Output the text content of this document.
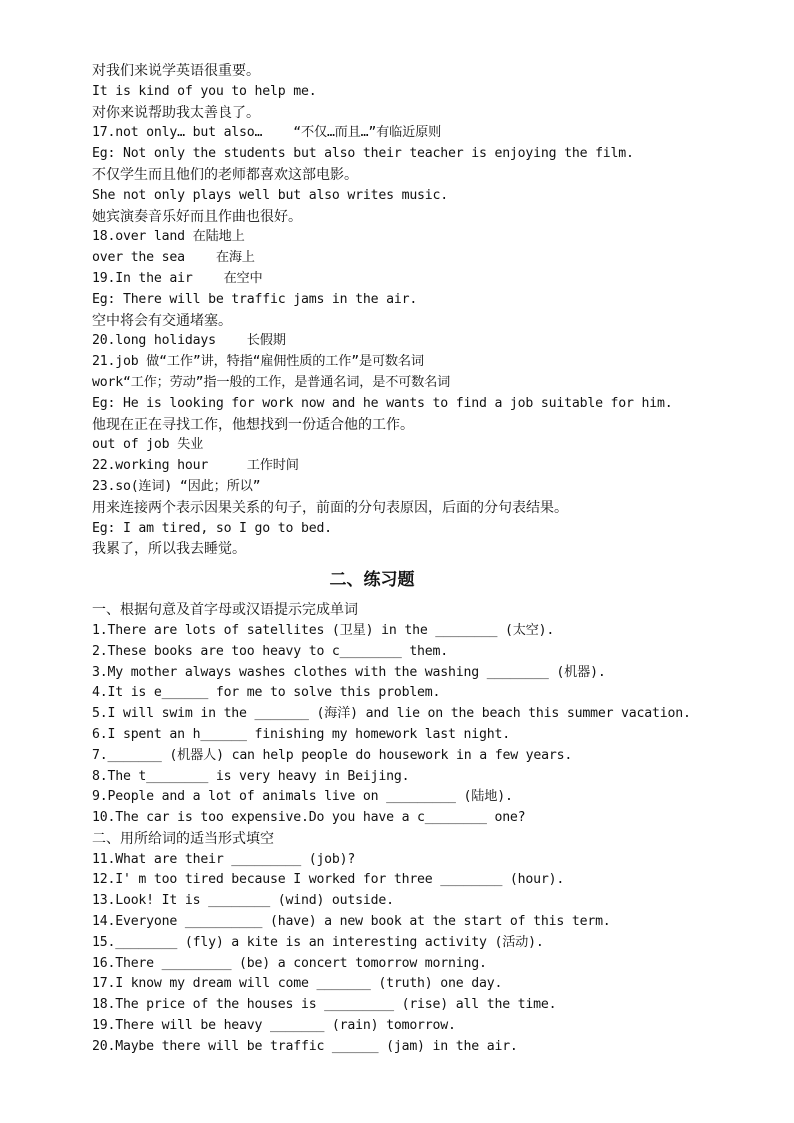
对我们来说学英语很重要。
It is kind of you to help me.
对你来说帮助我太善良了。
17.not only… but also…    “不仅…而且…”有临近原则
Eg: Not only the students but also their teacher is enjoying the film.
不仅学生而且他们的老师都喜欢这部电影。
She not only plays well but also writes music.
她宾演奏音乐好而且作曲也很好。
18.over land 在陆地上
over the sea    在海上
19.In the air    在空中
Eg: There will be traffic jams in the air.
空中将会有交通堵塞。
20.long holidays    长假期
21.job 做“工作”讲，特指“雇佣性质的工作”是可数名词
work“工作；劳动”指一般的工作，是普通名词，是不可数名词
Eg: He is looking for work now and he wants to find a job suitable for him.
他现在正在寻找工作，他想找到一份适合他的工作。
out of job 失业
22.working hour     工作时间
23.so(连词) “因此；所以”
用来连接两个表示因果关系的句子，前面的分句表原因，后面的分句表结果。
Eg: I am tired, so I go to bed.
我累了，所以我去睡觉。
二、练习题
一、根据句意及首字母或汉语提示完成单词
1.There are lots of satellites (卫星) in the ________ (太空).
2.These books are too heavy to c________ them.
3.My mother always washes clothes with the washing ________ (机器).
4.It is e______ for me to solve this problem.
5.I will swim in the _______ (海洋) and lie on the beach this summer vacation.
6.I spent an h______ finishing my homework last night.
7._______ (机器人) can help people do housework in a few years.
8.The t________ is very heavy in Beijing.
9.People and a lot of animals live on _________ (陆地).
10.The car is too expensive.Do you have a c________ one?
二、用所给词的适当形式填空
11.What are their _________ (job)?
12.I' m too tired because I worked for three ________ (hour).
13.Look! It is ________ (wind) outside.
14.Everyone __________ (have) a new book at the start of this term.
15.________ (fly) a kite is an interesting activity (活动).
16.There _________ (be) a concert tomorrow morning.
17.I know my dream will come _______ (truth) one day.
18.The price of the houses is _________ (rise) all the time.
19.There will be heavy _______ (rain) tomorrow.
20.Maybe there will be traffic ______ (jam) in the air.
